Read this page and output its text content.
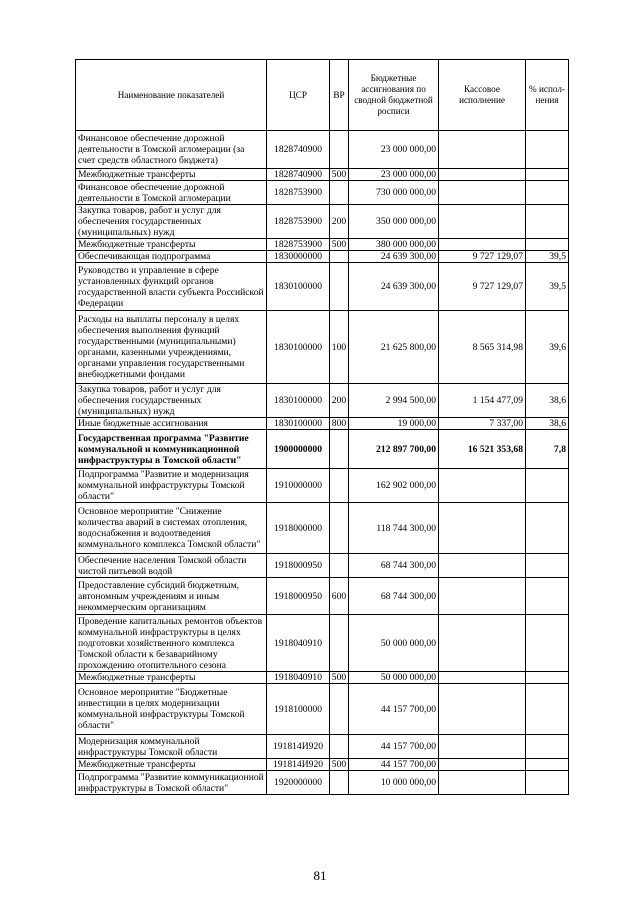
Наименование показателей	ЦСР	ВР	Бюджетные ассигнования по сводной бюджетной росписи	Кассовое исполнение	% испол-нения
Финансовое обеспечение дорожной деятельности в Томской агломерации (за счет средств областного бюджета)	1828740900		23 000 000,00		
Межбюджетные трансферты	1828740900	500	23 000 000,00		
Финансовое обеспечение дорожной деятельности в Томской агломерации	1828753900		730 000 000,00		
Закупка товаров, работ и услуг для обеспечения государственных (муниципальных) нужд	1828753900	200	350 000 000,00		
Межбюджетные трансферты	1828753900	500	380 000 000,00		
Обеспечивающая подпрограмма	1830000000		24 639 300,00	9 727 129,07	39,5
Руководство и управление в сфере установленных функций органов государственной власти субъекта Российской Федерации	1830100000		24 639 300,00	9 727 129,07	39,5
Расходы на выплаты персоналу в целях обеспечения выполнения функций государственными (муниципальными) органами, казенными учреждениями, органами управления государственными внебюджетными фондами	1830100000	100	21 625 800,00	8 565 314,98	39,6
Закупка товаров, работ и услуг для обеспечения государственных (муниципальных) нужд	1830100000	200	2 994 500,00	1 154 477,09	38,6
Иные бюджетные ассигнования	1830100000	800	19 000,00	7 337,00	38,6
Государственная программа "Развитие коммунальной и коммуникационной инфраструктуры в Томской области"	1900000000		212 897 700,00	16 521 353,68	7,8
Подпрограмма "Развитие и модернизация коммунальной инфраструктуры Томской области"	1910000000		162 902 000,00		
Основное мероприятие "Снижение количества аварий в системах отопления, водоснабжения и водоотведения коммунального комплекса Томской области"	1918000000		118 744 300,00		
Обеспечение населения Томской области чистой питьевой водой	1918000950		68 744 300,00		
Предоставление субсидий бюджетным, автономным учреждениям и иным некоммерческим организациям	1918000950	600	68 744 300,00		
Проведение капитальных ремонтов объектов коммунальной инфраструктуры в целях подготовки хозяйственного комплекса Томской области к безаварийному прохождению отопительного сезона	1918040910		50 000 000,00		
Межбюджетные трансферты	1918040910	500	50 000 000,00		
Основное мероприятие "Бюджетные инвестиции в целях модернизации коммунальной инфраструктуры Томской области"	1918100000		44 157 700,00		
Модернизация коммунальной инфраструктуры Томской области	191814И920		44 157 700,00		
Межбюджетные трансферты	191814И920	500	44 157 700,00		
Подпрограмма "Развитие коммуникационной инфраструктуры в Томской области"	1920000000		10 000 000,00		
81
